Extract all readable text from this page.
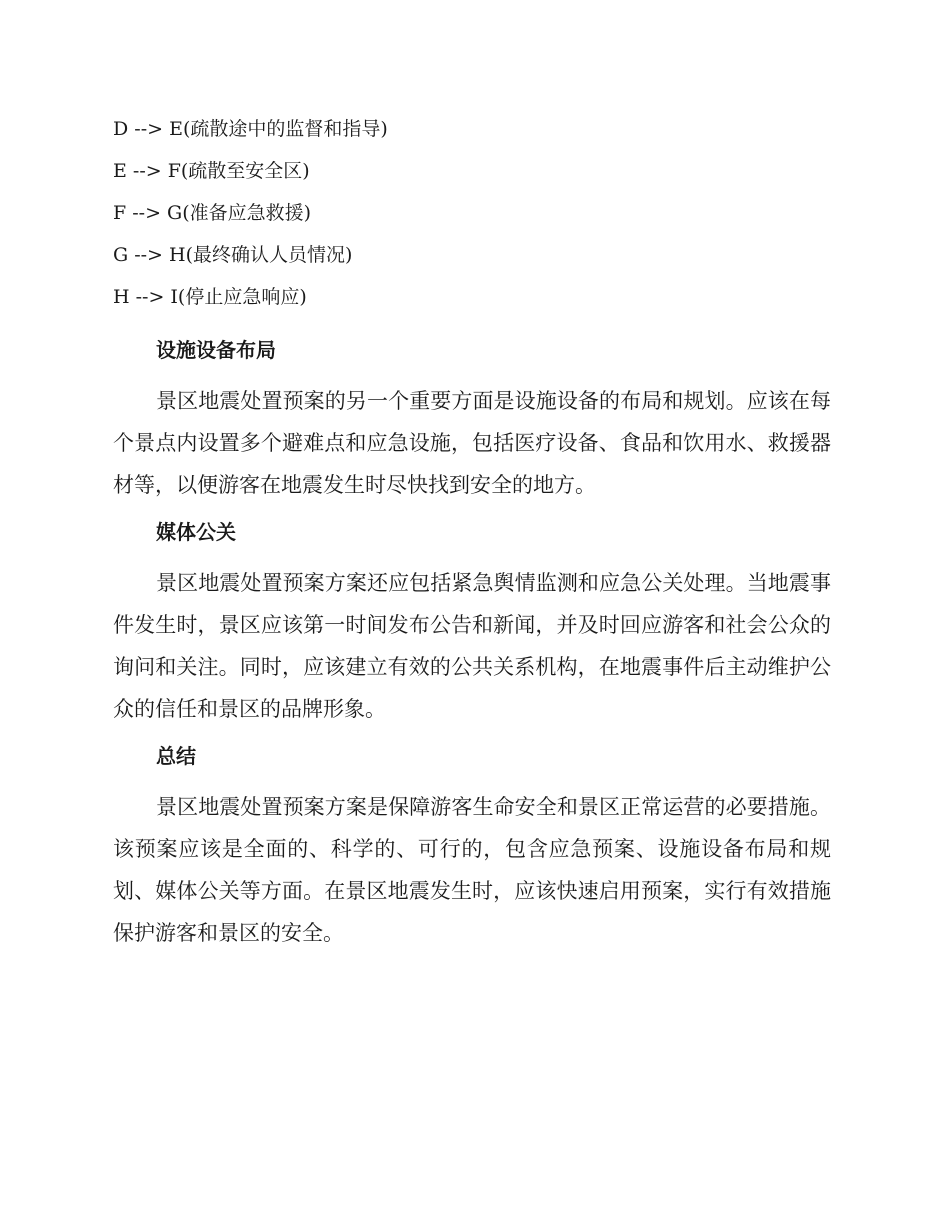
D --> E(疏散途中的监督和指导)
E --> F(疏散至安全区)
F --> G(准备应急救援)
G --> H(最终确认人员情况)
H --> I(停止应急响应)
设施设备布局

景区地震处置预案的另一个重要方面是设施设备的布局和规划。应该在每个景点内设置多个避难点和应急设施，包括医疗设备、食品和饮用水、救援器材等，以便游客在地震发生时尽快找到安全的地方。

媒体公关

景区地震处置预案方案还应包括紧急舆情监测和应急公关处理。当地震事件发生时，景区应该第一时间发布公告和新闻，并及时回应游客和社会公众的询问和关注。同时，应该建立有效的公共关系机构，在地震事件后主动维护公众的信任和景区的品牌形象。

总结

景区地震处置预案方案是保障游客生命安全和景区正常运营的必要措施。该预案应该是全面的、科学的、可行的，包含应急预案、设施设备布局和规划、媒体公关等方面。在景区地震发生时，应该快速启用预案，实行有效措施保护游客和景区的安全。
